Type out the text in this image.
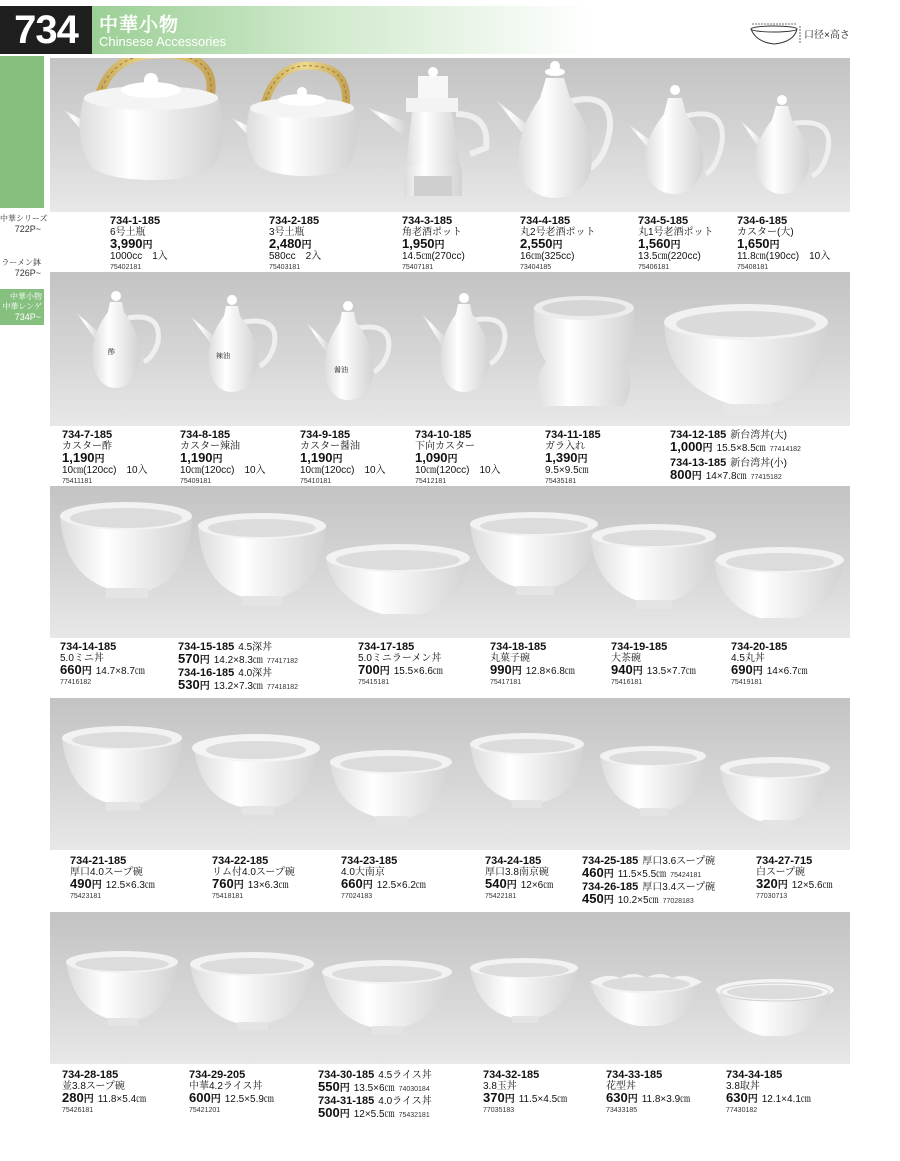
734	中華小物
Chinsese Accessories	口径×高さ
中華シリーズ
722P~
ラーメン鉢
726P~
中華小物 中華レンゲ
734P~
734-1-185
6号土瓶
3,990円
1000cc　1入
75402181
734-2-185
3号土瓶
2,480円
580cc　2入
75403181
734-3-185
角老酒ポット
1,950円
14.5㎝(270cc)
75407181
734-4-185
丸2号老酒ポット
2,550円
16㎝(325cc)
73404185
734-5-185
丸1号老酒ポット
1,560円
13.5㎝(220cc)
75406181
734-6-185
カスター(大)
1,650円
11.8㎝(190cc)　10入
75408181
酢	辣油
醤油
734-7-185
カスター酢
1,190円
10㎝(120cc)　10入
75411181
734-8-185
カスター辣油
1,190円
10㎝(120cc)　10入
75409181
734-9-185
カスター醤油
1,190円
10㎝(120cc)　10入
75410181
734-10-185
下向カスター
1,090円
10㎝(120cc)　10入
75412181
734-11-185
ガラ入れ
1,390円
9.5×9.5㎝
75435181
734-12-185 新台湾丼(大)
1,000円 15.5×8.5㎝ 77414182
734-13-185 新台湾丼(小)
800円 14×7.8㎝ 77415182
734-14-185
5.0ミニ丼
660円 14.7×8.7㎝
77416182
734-15-185 4.5深丼
570円 14.2×8.3㎝ 77417182
734-16-185 4.0深丼
530円 13.2×7.3㎝ 77418182
734-17-185
5.0ミニラーメン丼
700円 15.5×6.6㎝
75415181
734-18-185
丸菓子碗
990円 12.8×6.8㎝
75417181
734-19-185
大茶碗
940円 13.5×7.7㎝
75416181
734-20-185
4.5丸丼
690円 14×6.7㎝
75419181
734-21-185
厚口4.0スープ碗
490円 12.5×6.3㎝
75423181
734-22-185
リム付4.0スープ碗
760円 13×6.3㎝
75418181
734-23-185
4.0大南京
660円 12.5×6.2㎝
77024183
734-24-185
厚口3.8南京碗
540円 12×6㎝
75422181
734-25-185 厚口3.6スープ碗
460円 11.5×5.5㎝ 75424181
734-26-185 厚口3.4スープ碗
450円 10.2×5㎝ 77028183
734-27-715
白スープ碗
320円 12×5.6㎝
77030713
734-28-185
並3.8スープ碗
280円 11.8×5.4㎝
75426181
734-29-205
中華4.2ライス丼
600円 12.5×5.9㎝
75421201
734-30-185 4.5ライス丼
550円 13.5×6㎝ 74030184
734-31-185 4.0ライス丼
500円 12×5.5㎝ 75432181
734-32-185
3.8玉丼
370円 11.5×4.5㎝
77035183
734-33-185
花型丼
630円 11.8×3.9㎝
73433185
734-34-185
3.8取丼
630円 12.1×4.1㎝
77430182
